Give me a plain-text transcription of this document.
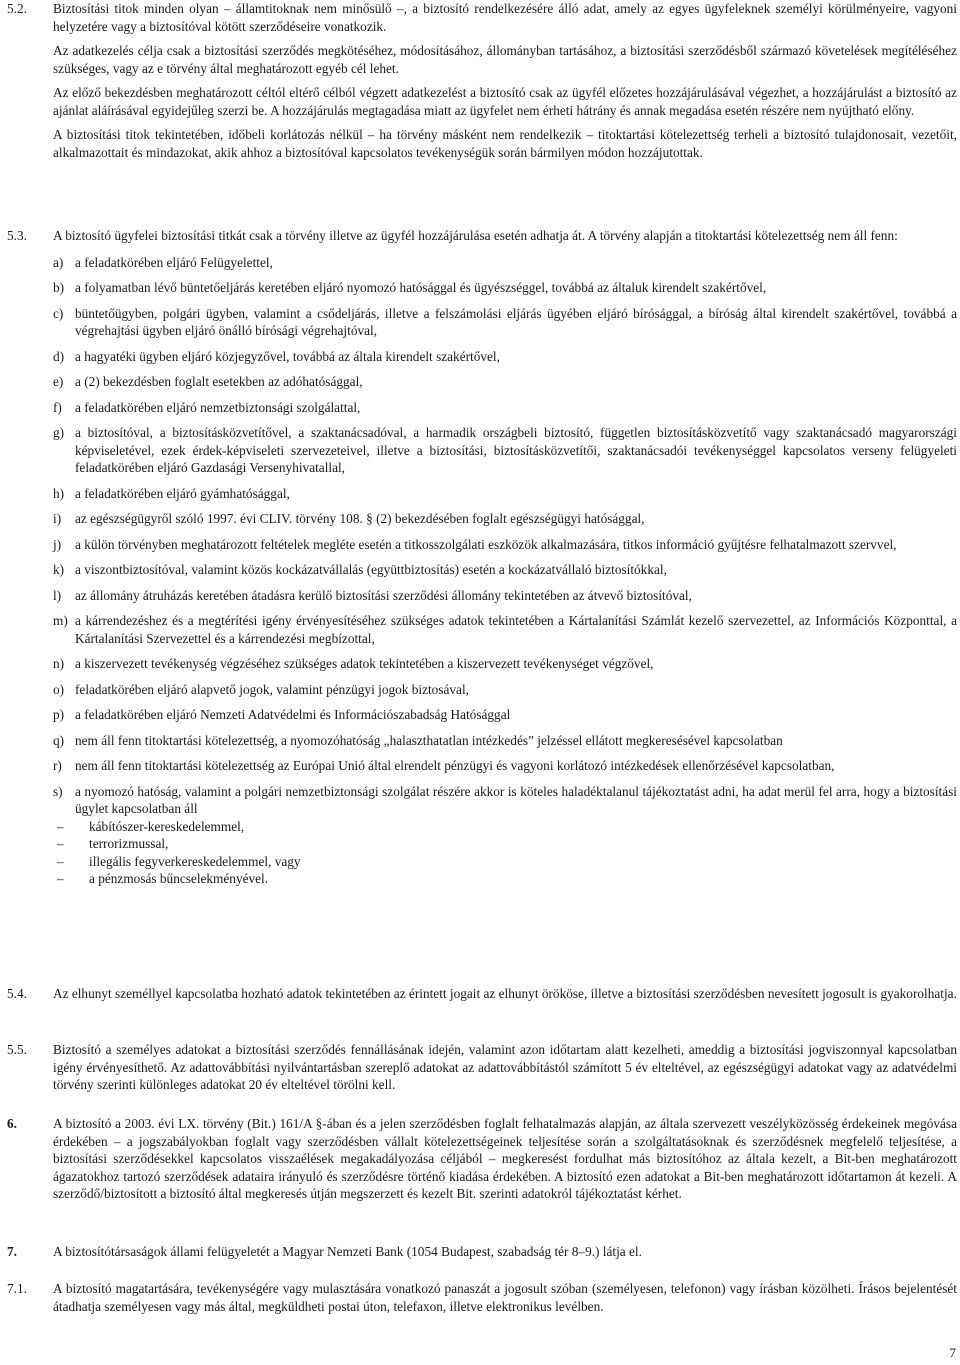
5.2.	Biztosítási titok minden olyan – államtitoknak nem minősülő –, a biztosító rendelkezésére álló adat, amely az egyes ügyfeleknek személyi körülményeire, vagyoni helyzetére vagy a biztosítóval kötött szerződéseire vonatkozik.

Az adatkezelés célja csak a biztosítási szerződés megkötéséhez, módosításához, állományban tartásához, a biztosítási szerződésből származó követelések megítéléséhez szükséges, vagy az e törvény által meghatározott egyéb cél lehet.

Az előző bekezdésben meghatározott céltól eltérő célból végzett adatkezelést a biztosító csak az ügyfél előzetes hozzájárulásával végezhet, a hozzájárulást a biztosító az ajánlat aláírásával egyidejűleg szerzi be. A hozzájárulás megtagadása miatt az ügyfelet nem érheti hátrány és annak megadása esetén részére nem nyújtható előny.

A biztosítási titok tekintetében, időbeli korlátozás nélkül – ha törvény másként nem rendelkezik – titoktartási kötelezettség terheli a biztosító tulajdonosait, vezetőit, alkalmazottait és mindazokat, akik ahhoz a biztosítóval kapcsolatos tevékenységük során bármilyen módon hozzájutottak.

5.3.	A biztosító ügyfelei biztosítási titkát csak a törvény illetve az ügyfél hozzájárulása esetén adhatja át. A törvény alapján a titoktartási kötelezettség nem áll fenn:

a) a feladatkörében eljáró Felügyelettel,
b) a folyamatban lévő büntetőeljárás keretében eljáró nyomozó hatósággal és ügyészséggel, továbbá az általuk kirendelt szakértővel,
c) büntetőügyben, polgári ügyben, valamint a csődeljárás, illetve a felszámolási eljárás ügyében eljáró bírósággal, a bíróság által kirendelt szakértővel, továbbá a végrehajtási ügyben eljáró önálló bírósági végrehajtóval,
d) a hagyatéki ügyben eljáró közjegyzővel, továbbá az általa kirendelt szakértővel,
e) a (2) bekezdésben foglalt esetekben az adóhatósággal,
f) a feladatkörében eljáró nemzetbiztonsági szolgálattal,
g) a biztosítóval, a biztosításközvetítővel, a szaktanácsadóval, a harmadik országbeli biztosító, független biztosításközvetítő vagy szaktanácsadó magyarországi képviseletével, ezek érdek-képviseleti szervezeteivel, illetve a biztosítási, biztosításközvetítői, szaktanácsadói tevékenységgel kapcsolatos verseny felügyeleti feladatkörében eljáró Gazdasági Versenyhivatallal,
h) a feladatkörében eljáró gyámhatósággal,
i)	az egészségügyről szóló 1997. évi CLIV. törvény 108. § (2) bekezdésében foglalt egészségügyi hatósággal,
j)	a külön törvényben meghatározott feltételek megléte esetén a titkosszolgálati eszközök alkalmazására, titkos információ gyűjtésre felhatalmazott szervvel,
k) a viszontbiztosítóval, valamint közös kockázatvállalás (együttbiztosítás) esetén a kockázatvállaló biztosítókkal,
l)	az állomány átruházás keretében átadásra kerülő biztosítási szerződési állomány tekintetében az átvevő biztosítóval,
m) a kárrendezéshez és a megtérítési igény érvényesítéséhez szükséges adatok tekintetében a Kártalanítási Számlát kezelő szervezettel, az Információs Központtal, a Kártalanítási Szervezettel és a kárrendezési megbízottal,
n) a kiszervezett tevékenység végzéséhez szükséges adatok tekintetében a kiszervezett tevékenységet végzővel,
o) feladatkörében eljáró alapvető jogok, valamint pénzügyi jogok biztosával,
p) a feladatkörében eljáró Nemzeti Adatvédelmi és Információszabadság Hatósággal
q) nem áll fenn titoktartási kötelezettség, a nyomozóhatóság „halaszthatatlan intézkedés” jelzéssel ellátott megkeresésével kapcsolatban
r) nem áll fenn titoktartási kötelezettség az Európai Unió által elrendelt pénzügyi és vagyoni korlátozó intézkedések ellenőrzésével kapcsolatban,
s) a nyomozó hatóság, valamint a polgári nemzetbiztonsági szolgálat részére akkor is köteles haladéktalanul tájékoztatást adni, ha adat merül fel arra, hogy a biztosítási ügylet kapcsolatban áll
–	kábítószer-kereskedelemmel,
–	terrorizmussal,
–	illegális fegyverkereskedelemmel, vagy
–	a pénzmosás bűncselekményével.
5.4.	Az elhunyt személlyel kapcsolatba hozható adatok tekintetében az érintett jogait az elhunyt örököse, illetve a biztosítási szerződésben nevesített jogosult is gyakorolhatja.

5.5.	Biztosító a személyes adatokat a biztosítási szerződés fennállásának idején, valamint azon időtartam alatt kezelheti, ameddig a biztosítási jogviszonnyal kapcsolatban igény érvényesíthető. Az adattovábbítási nyilvántartásban szereplő adatokat az adattovábbítástól számított 5 év elteltével, az egészségügyi adatokat vagy az adatvédelmi törvény szerinti különleges adatokat 20 év elteltével törölni kell.

6.	A biztosító a 2003. évi LX. törvény (Bit.) 161/A §-ában és a jelen szerződésben foglalt felhatalmazás alapján, az általa szervezett veszélyközösség érdekeinek megóvása érdekében – a jogszabályokban foglalt vagy szerződésben vállalt kötelezettségeinek teljesítése során a szolgáltatásoknak és szerződésnek megfelelő teljesítése, a biztosítási szerződésekkel kapcsolatos visszaélések megakadályozása céljából – megkeresést fordulhat más biztosítóhoz az általa kezelt, a Bit-ben meghatározott ágazatokhoz tartozó szerződések adataira irányuló és szerződésre történő kiadása érdekében. A biztosító ezen adatokat a Bit-ben meghatározott időtartamon át kezeli. A szerződő/biztosított a biztosító által megkeresés útján megszerzett és kezelt Bit. szerinti adatokról tájékoztatást kérhet.

7.	A biztosítótársaságok állami felügyeletét a Magyar Nemzeti Bank (1054 Budapest, szabadság tér 8–9.) látja el.

7.1.	A biztosító magatartására, tevékenységére vagy mulasztására vonatkozó panaszát a jogosult szóban (személyesen, telefonon) vagy írásban közölheti. Írásos bejelentését átadhatja személyesen vagy más által, megküldheti postai úton, telefaxon, illetve elektronikus levélben.

7
